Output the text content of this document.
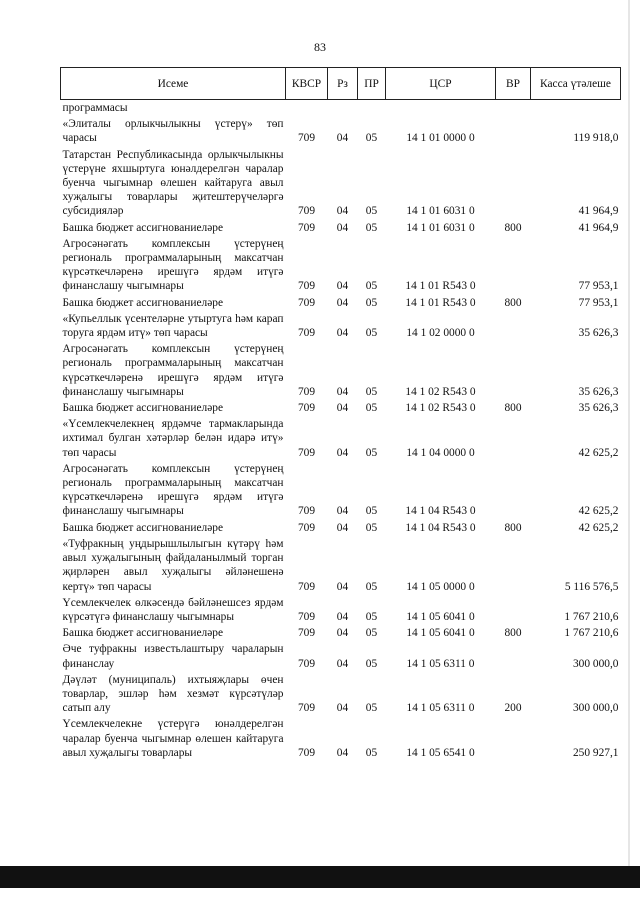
83
Исеме	КВСР	Рз	ПР	ЦСР	ВР	Касса үтәлеше
программасы						
«Элиталы орлыкчылыкны үстерү» төп чарасы	709	04	05	14 1 01 0000 0		119 918,0
Татарстан Республикасында орлыкчылыкны үстерүне яхшыртуга юнәлдерелгән чаралар буенча чыгымнар өлешен кайтаруга авыл хуҗалыгы товарлары җитештерүчеләргә субсидияләр	709	04	05	14 1 01 6031 0		41 964,9
Башка бюджет ассигнованиеләре	709	04	05	14 1 01 6031 0	800	41 964,9
Агросәнәгать комплексын үстерүнең региональ программаларының максатчан күрсәткечләренә ирешүгә ярдәм итүгә финанслашу чыгымнары	709	04	05	14 1 01 R543 0		77 953,1
Башка бюджет ассигнованиеләре	709	04	05	14 1 01 R543 0	800	77 953,1
«Купьеллык үсентеләрне утыртуга һәм карап торуга ярдәм итү» төп чарасы	709	04	05	14 1 02 0000 0		35 626,3
Агросәнәгать комплексын үстерүнең региональ программаларының максатчан күрсәткечләренә ирешүгә ярдәм итүгә финанслашу чыгымнары	709	04	05	14 1 02 R543 0		35 626,3
Башка бюджет ассигнованиеләре	709	04	05	14 1 02 R543 0	800	35 626,3
«Үсемлекчелекнең ярдәмче тармакларында ихтимал булган хәтәрләр белән идарә итү» төп чарасы	709	04	05	14 1 04 0000 0		42 625,2
Агросәнәгать комплексын үстерүнең региональ программаларының максатчан күрсәткечләренә ирешүгә ярдәм итүгә финанслашу чыгымнары	709	04	05	14 1 04 R543 0		42 625,2
Башка бюджет ассигнованиеләре	709	04	05	14 1 04 R543 0	800	42 625,2
«Туфракның уңдырышлылыгын күтәрү һәм авыл хуҗалыгының файдаланылмый торган җирләрен авыл хуҗалыгы әйләнешенә кертү» төп чарасы	709	04	05	14 1 05 0000 0		5 116 576,5
Үсемлекчелек өлкәсендә бәйләнешсез ярдәм күрсәтүгә финанслашу чыгымнары	709	04	05	14 1 05 6041 0		1 767 210,6
Башка бюджет ассигнованиеләре	709	04	05	14 1 05 6041 0	800	1 767 210,6
Әче туфракны известьлаштыру чараларын финанслау	709	04	05	14 1 05 6311 0		300 000,0
Дәүләт (муниципаль) ихтыяҗлары өчен товарлар, эшләр һәм хезмәт күрсәтүләр сатып алу	709	04	05	14 1 05 6311 0	200	300 000,0
Үсемлекчелекне үстерүгә юнәлдерелгән чаралар буенча чыгымнар өлешен кайтаруга авыл хуҗалыгы товарлары	709	04	05	14 1 05 6541 0		250 927,1
